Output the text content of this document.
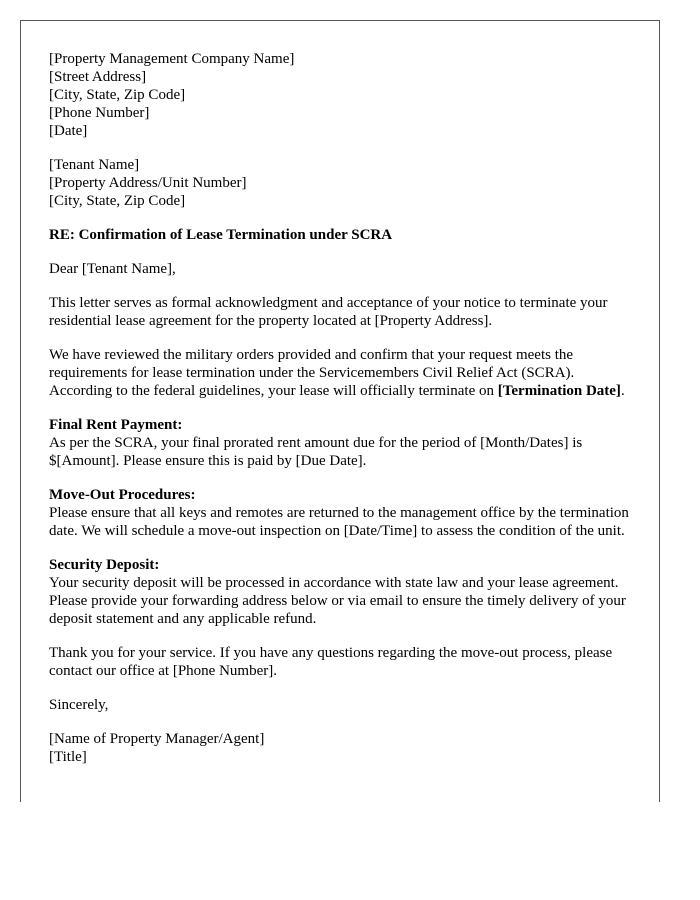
[Property Management Company Name]
[Street Address]
[City, State, Zip Code]
[Phone Number]
[Date]
[Tenant Name]
[Property Address/Unit Number]
[City, State, Zip Code]

RE: Confirmation of Lease Termination under SCRA

Dear [Tenant Name],

This letter serves as formal acknowledgment and acceptance of your notice to terminate your residential lease agreement for the property located at [Property Address].

We have reviewed the military orders provided and confirm that your request meets the requirements for lease termination under the Servicemembers Civil Relief Act (SCRA). According to the federal guidelines, your lease will officially terminate on [Termination Date].

Final Rent Payment:
As per the SCRA, your final prorated rent amount due for the period of [Month/Dates] is $[Amount]. Please ensure this is paid by [Due Date].

Move-Out Procedures:
Please ensure that all keys and remotes are returned to the management office by the termination date. We will schedule a move-out inspection on [Date/Time] to assess the condition of the unit.

Security Deposit:
Your security deposit will be processed in accordance with state law and your lease agreement. Please provide your forwarding address below or via email to ensure the timely delivery of your deposit statement and any applicable refund.

Thank you for your service. If you have any questions regarding the move-out process, please contact our office at [Phone Number].

Sincerely,

[Name of Property Manager/Agent]
[Title]
